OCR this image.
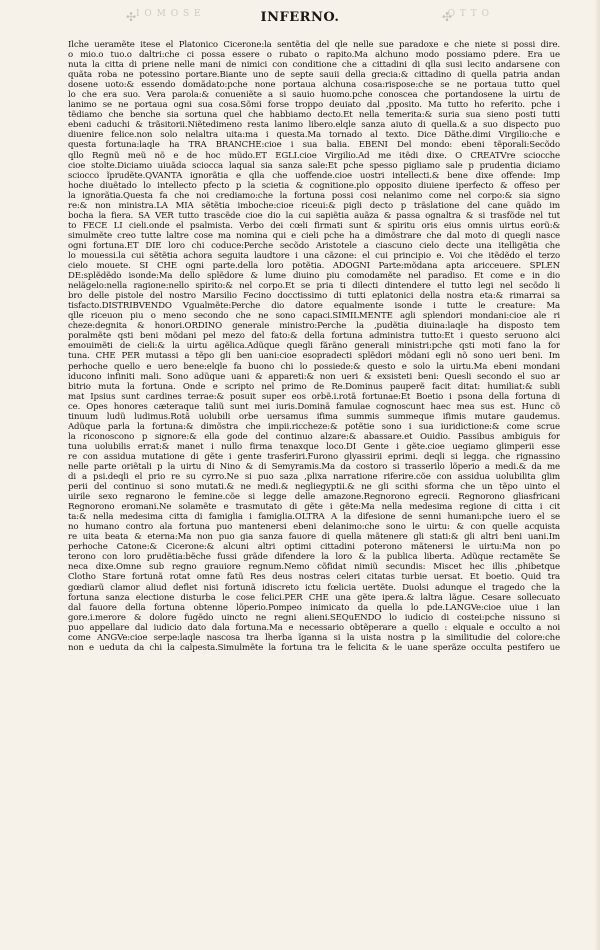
✣	✣
I O M O S E	INFERNO.	O T T O
Ilche ueramẽte itese el Platonico Cicerone:la sentẽtia del qle nelle sue paradoxe e che niete si possi dire.
o mio.o tuo.o daltri:che ci possa essere o rubato o rapito.Ma alchuno modo possiamo pdere. Era ue
nuta la citta di priene nelle mani de nimici con conditione che a cittadini di qlla susi lecito andarsene con
quãta roba ne potessino portare.Biante uno de septe sauii della grecia:& cittadino di quella patria andan
dosene uoto:& essendo domãdato:pche none portaua alchuna cosa:rispose:che se ne portaua tutto quel
lo che era suo. Vera parola:& conueniẽte a si sauio huomo.pche conoscea che portandosene la uirtu de
lanimo se ne portaua ogni sua cosa.Sõmi forse troppo deuiato dal ,pposito. Ma tutto ho referito. pche i
tẽdiamo che benche sia sortuna quel che habbiamo decto.Et nella temerita:& suria sua sieno posti tutti
ebeni caduchi & trãsitorii.Niẽtedimeno resta lanimo libero.elqle sanza aiuto di quella.& a suo dispecto puo
diuenire felice.non solo nelaltra uita:ma i questa.Ma tornado al texto. Dice Dãthe.dimi Virgilio:che e
questa fortuna:laqle ha TRA BRANCHE:cioe i sua balia. EBENI Del mondo: ebeni tẽporali:Secõdo
qllo Regnũ meũ nõ e de hoc mũdo.ET EGLI.cioe Virgilio.Ad me itẽdi dixe. O CREATVre sciocche
cioe stolte.Diciamo uiuãda sciocca laqual sia sanza sale:Et pche spesso pigliamo sale p prudentia diciamo
sciocco ĩprudẽte.QVANTA ignorãtia e qlla che uoffende.cioe uostri intellecti.& bene dixe offende: Imp
hoche diuẽtado lo intellecto pfecto p la scietia & cognitione.plo opposito diuiene iperfecto & offeso per
la ignorãtia.Questa fa che noi crediamo:che la fortuna possi cosi nelanimo come nel corpo:& sia signo
re:& non ministra.LA MIA sẽtẽtia imboche:cioe riceui:& pigli decto p trãslatione del cane quãdo im
bocha la fiera. SA VER tutto trascẽde cioe dio la cui sapiẽtia auãza & passa ognaltra & si trasfõde nel tut
to FECE LI cieli.onde el psalmista. Verbo dei cœli firmati sunt & spiritu oris eius omnis uirtus eorũ:&
simulmẽte creo tutte laltre cose ma nomina qui e cieli pche ha a dimõstrare che dal moto di quegli nasce
ogni fortuna.ET DIE loro chi coduce:Perche secõdo Aristotele a ciascuno cielo decte una itelligẽtia che
lo mouessi.la cui sẽtẽtia achora seguita laudtore i una cãzone: el cui principio e. Voi che itẽdẽdo el terzo
cielo mouete. SI CHE ogni parte.della loro potẽtia. ADOGNI Parte:mõdana apta aricceuere. SPLEN
DE:splẽdẽdo isonde:Ma dello splẽdore & lume diuino piu comodamẽte nel paradiso. Et come e in dio
nelãgelo:nella ragione:nello spirito:& nel corpo.Et se pria ti dilecti dintendere el tutto legi nel secõdo li
bro delle pistole del nostro Marsilio Fecino docctissimo di tutti eplatonici della nostra eta:& rimarrai sa
tisfacto.DISTRIBVENDO Vgualmẽte:Perche dio datore equalmente isonde i tutte le creature: Ma
qlle riceuon piu o meno secondo che ne sono capaci.SIMILMENTE agli splendori mondani:cioe ale ri
cheze:degnita & honori.ORDINO generale ministro:Perche la ,pudẽtia diuina:laqle ha disposto tem
poralmẽte qsti beni mõdani pel mezo del fato:& della fortuna administra tutto:Et i questo seruono alci
emouimẽti de cieli:& la uirtu agẽlica.Adũque quegli fărãno generali ministri:pche qsti moti fano la for
tuna. CHE PER mutassi a tẽpo gli ben uani:cioe esopradecti splẽdori mõdani egli nõ sono ueri beni. Im
perhoche quello e uero bene:elqle fa buono chi lo possiede:& questo e solo la uirtu.Ma ebeni mondani
iducono infiniti mali. Sono adũque uani & appareti:& non ueri & exsisteti beni: Quesli secondo el suo ar
bitrio muta la fortuna. Onde e scripto nel primo de Re.Dominus pauperẽ facit ditat: humiliat:& subli
mat Ipsius sunt cardines terrae:& posuit super eos orbẽ.i.rotã fortunae:Et Boetio i psona della fortuna di
ce. Opes honores cæteraque taliũ sunt mei iuris.Dominã famulae cognoscunt haec mea sus est. Hunc cõ
tinuum ludũ ludimus.Rotã uolubili orbe uersamus ifima summis summeque ifimis mutare gaudemus.
Adũque parla la fortuna:& dimõstra che impii.riccheze:& potẽtie sono i sua iuridictione:& come scrue
la riconoscono p signore:& ella gode del continuo alzare:& abassare.et Ouidio. Passibus ambiguis for
tuna uolubilis errat:& manet i nullo firma tenaxque loco.DI Gente i gẽte.cioe uegiamo glimperii esse
re con assidua mutatione di gẽte i gente trasferiri.Furono glyassirii eprimi. deqli si legga. che rignassino
nelle parte oriẽtali p la uirtu di Nino & di Semyramis.Ma da costoro si trasserilo lõperio a medi.& da me
di a psi.deqli el prio re su cyrro.Ne si puo saza ,plixa narratione riferire.cõe con assidua uolubilita glim
perii del continuo si sono mutati.& ne medi.& negliegyptii.& ne gli scithi sforma che un tẽpo uinto el
uirile sexo regnarono le femine.cõe si legge delle amazone.Regnorono egrecii. Regnorono gliasfricani
Regnorono eromani.Ne solamẽte e trasmutato di gẽte i gẽte:Ma nella medesima regione di citta i cit
ta:& nella medesima citta di famiglia i famiglia.OLTRA A la difesione de senni humani:pche iuero el se
no humano contro ala fortuna puo mantenersi ebeni delanimo:che sono le uirtu: & con quelle acquista
re uita beata & eterna:Ma non puo gia sanza fauore di quella mãtenere gli stati:& gli altri beni uani.Im
perhoche Catone:& Cicerone:& alcuni altri optimi cittadini poterono mãtenersi le uirtu:Ma non po
terono con loro prudẽtia:bẽche fussi grãde difendere la loro & la publica liberta. Adũque rectamẽte Se
neca dixe.Omne sub regno grauiore regnum.Nemo cõfidat nimiũ secundis: Miscet hec illis ,phibetque
Clotho Stare fortunã rotat omne fatũ Res deus nostras celeri citatas turbie uersat. Et boetio. Quid tra
gœdiarũ clamor aliud deflet nisi fortunã idiscreto ictu fœlicia uertẽte. Duolsi adunque el tragedo che la
fortuna sanza electione disturba le cose felici.PER CHE una gẽte ipera.& laltra lãgue. Cesare sollecuato
dal fauore della fortuna obtenne lõperio.Pompeo inimicato da quella lo pde.LANGVe:cioe uiue i lan
gore.i.merore & dolore fugẽdo uincto ne regni alieni.SEQuENDO lo iudicio di costei:pche nissuno si
puo appellare dal iudicio dato dala fortuna.Ma e necessario obtẽperare a quello : elquale e occulto a noi
come ANGVe:cioe serpe:laqle nascosa tra lherba ĩganna si la uista nostra p la similitudie del colore:che
non e ueduta da chi la calpesta.Simulmẽte la fortuna tra le felicita & le uane sperãze occulta pestifero ue
